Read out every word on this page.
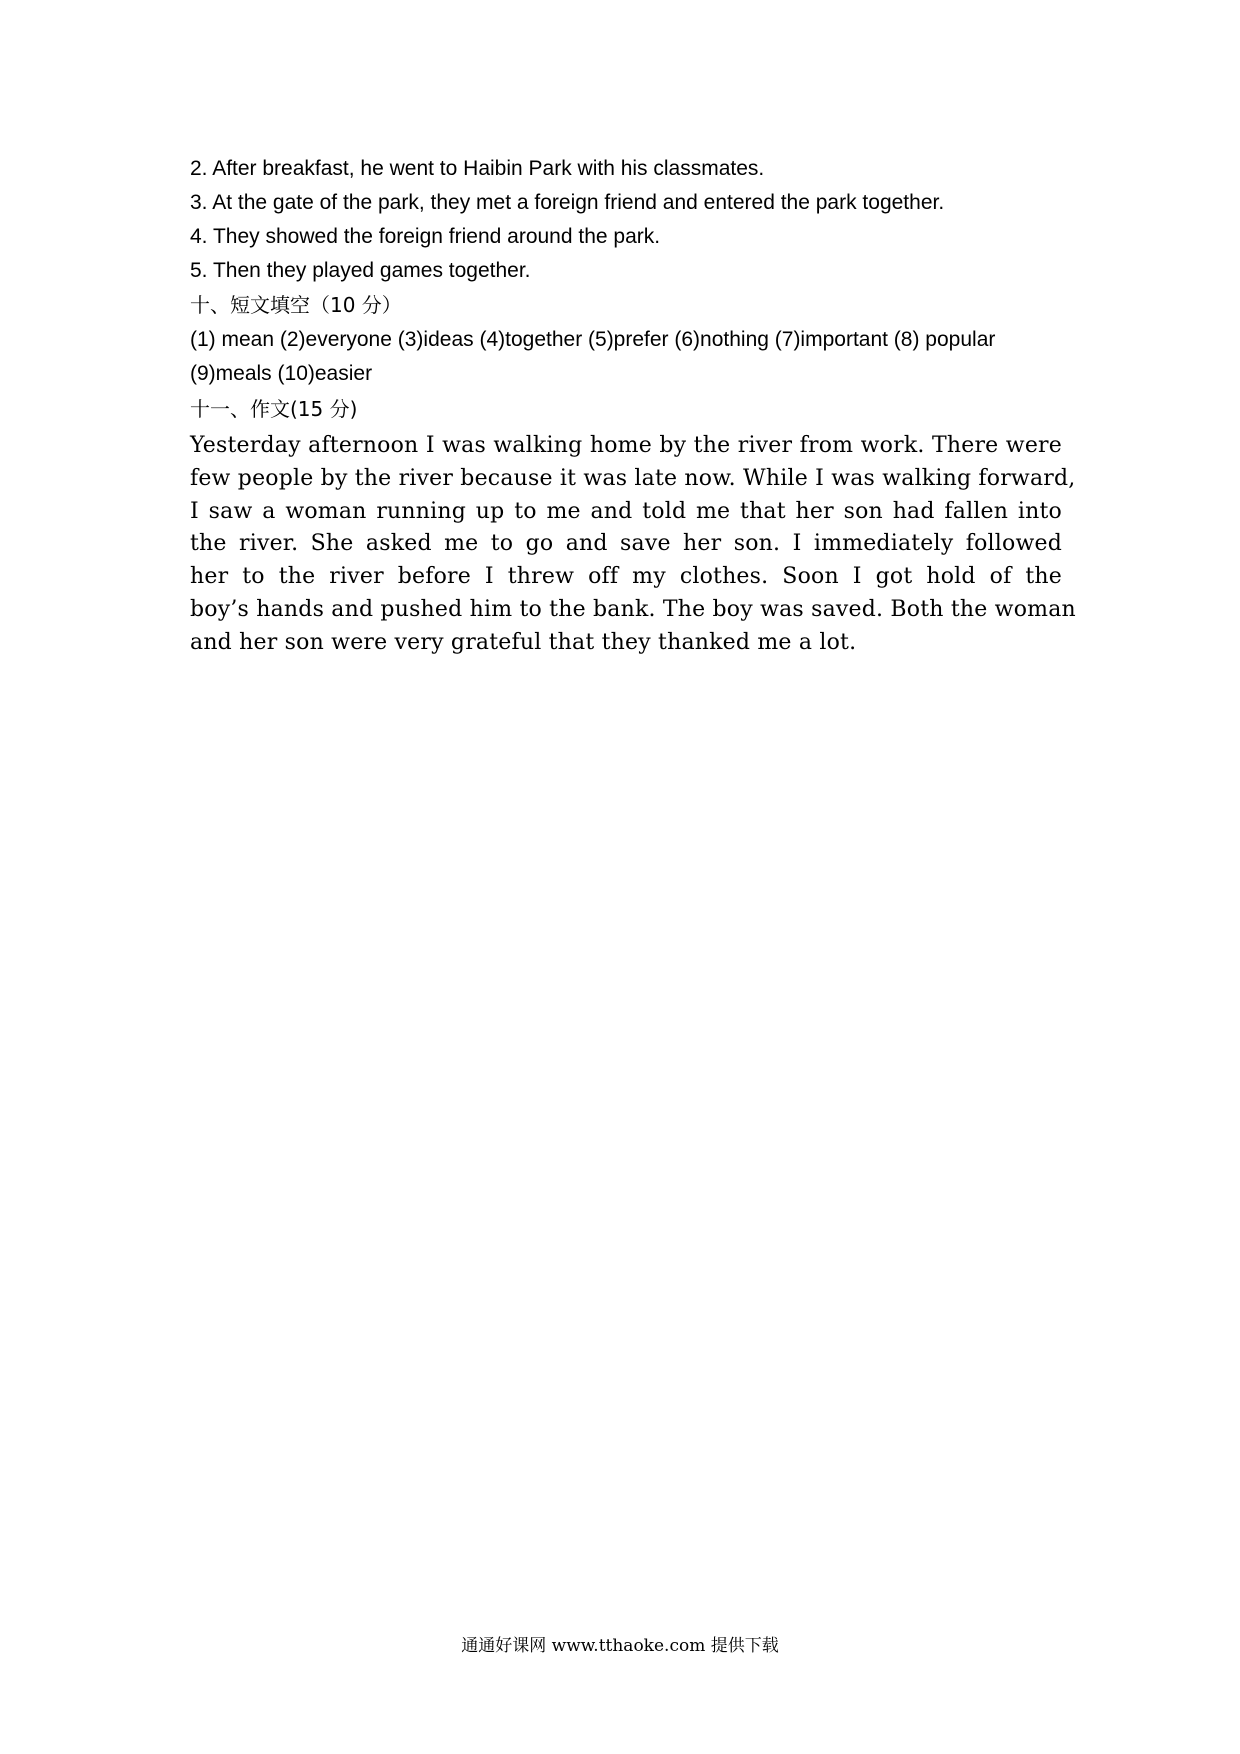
2. After breakfast, he went to Haibin Park with his classmates.
3. At the gate of the park, they met a foreign friend and entered the park together.
4. They showed the foreign friend around the park.
5. Then they played games together.
十、短文填空（10 分）
(1) mean (2)everyone (3)ideas (4)together (5)prefer (6)nothing (7)important (8) popular
(9)meals (10)easier
十一、作文(15 分)
Yesterday afternoon I was walking home by the river from work. There were
few people by the river because it was late now. While I was walking forward,
I saw a woman running up to me and told me that her son had fallen into
the river. She asked me to go and save her son. I immediately followed
her to the river before I threw off my clothes. Soon I got hold of the
boy’s hands and pushed him to the bank. The boy was saved. Both the woman
and her son were very grateful that they thanked me a lot.
通通好课网 www.tthaoke.com 提供下载
